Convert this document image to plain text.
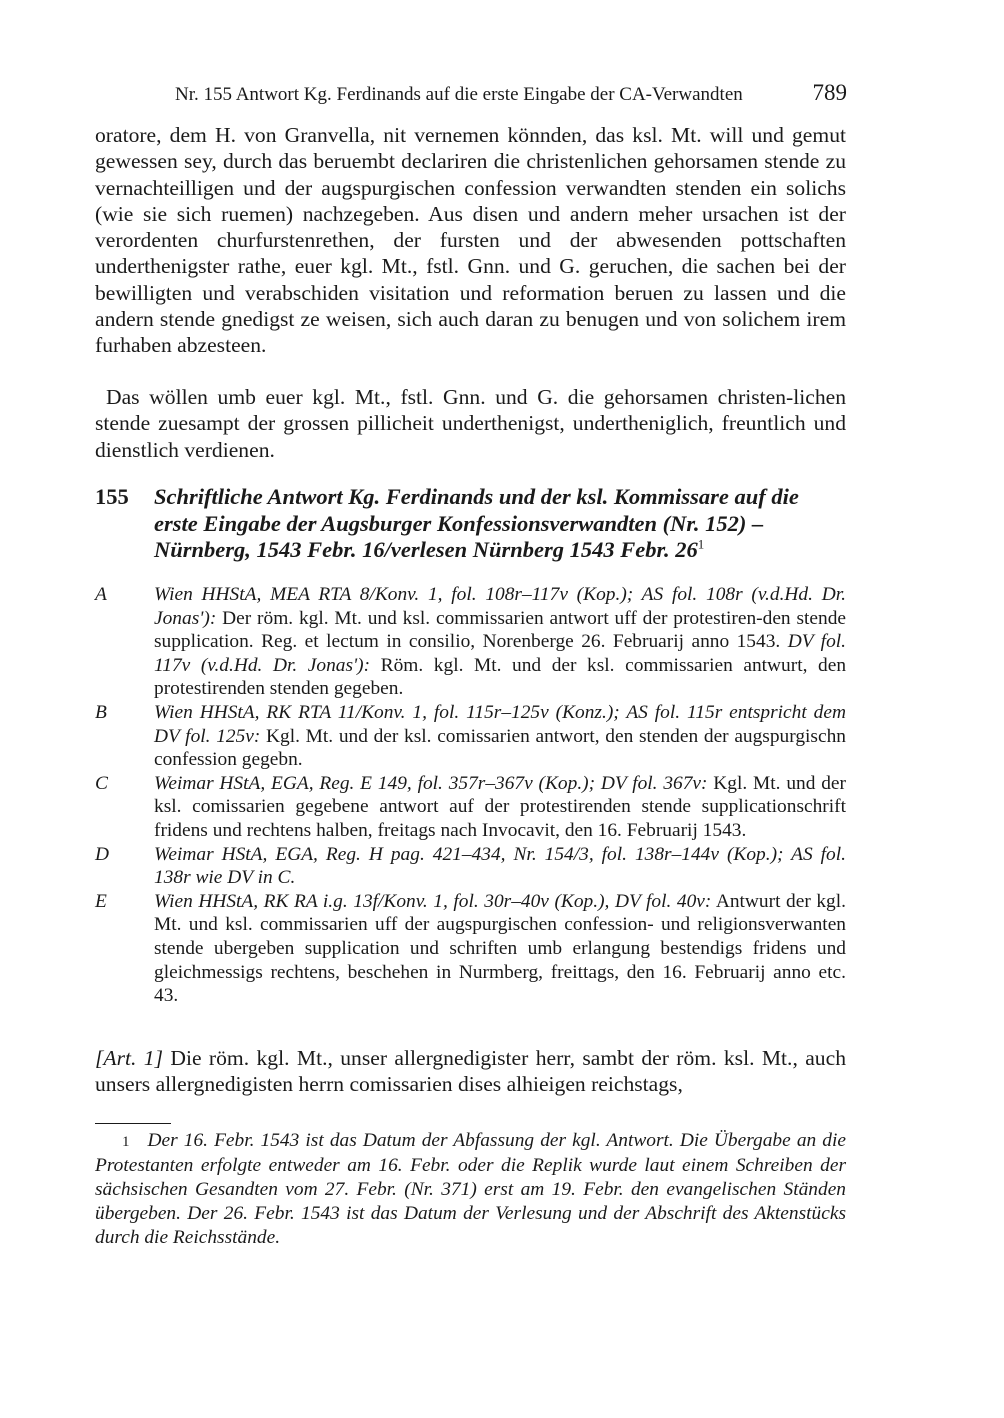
Nr. 155 Antwort Kg. Ferdinands auf die erste Eingabe der CA-Verwandten	789

oratore, dem H. von Granvella, nit vernemen könnden, das ksl. Mt. will und gemut gewessen sey, durch das beruembt declariren die christenlichen gehorsamen stende zu vernachteilligen und der augspurgischen confession verwandten stenden ein solichs (wie sie sich ruemen) nachzegeben. Aus disen und andern meher ursachen ist der verordenten churfurstenrethen, der fursten und der abwesenden pottschaften underthenigster rathe, euer kgl. Mt., fstl. Gnn. und G. geruchen, die sachen bei der bewilligten und verabschiden visitation und reformation beruen zu lassen und die andern stende gnedigst ze weisen, sich auch daran zu benugen und von solichem irem furhaben abzesteen.

Das wöllen umb euer kgl. Mt., fstl. Gnn. und G. die gehorsamen christen-lichen stende zuesampt der grossen pillicheit underthenigst, undertheniglich, freuntlich und dienstlich verdienen.

155 Schriftliche Antwort Kg. Ferdinands und der ksl. Kommissare auf die erste Eingabe der Augsburger Konfessionsverwandten (Nr. 152) – Nürnberg, 1543 Febr. 16/verlesen Nürnberg 1543 Febr. $26^1$
A Wien HHStA, MEA RTA 8/Konv. 1, fol. 108r–117v (Kop.); AS fol. 108r (v.d.Hd. Dr. Jonas'): Der röm. kgl. Mt. und ksl. commissarien antwort uff der protestiren-den stende supplication. Reg. et lectum in consilio, Norenberge 26. Februarij anno 1543. DV fol. 117v (v.d.Hd. Dr. Jonas'): Röm. kgl. Mt. und der ksl. commissarien antwurt, den protestirenden stenden gegeben.
B Wien HHStA, RK RTA 11/Konv. 1, fol. 115r–125v (Konz.); AS fol. 115r entspricht dem DV fol. 125v: Kgl. Mt. und der ksl. comissarien antwort, den stenden der augspurgischn confession gegebn.
C Weimar HStA, EGA, Reg. E 149, fol. 357r–367v (Kop.); DV fol. 367v: Kgl. Mt. und der ksl. comissarien gegebene antwort auf der protestirenden stende supplicationschrift fridens und rechtens halben, freitags nach Invocavit, den 16. Februarij 1543.
D Weimar HStA, EGA, Reg. H pag. 421–434, Nr. 154/3, fol. 138r–144v (Kop.); AS fol. 138r wie DV in C.
E Wien HHStA, RK RA i.g. 13f/Konv. 1, fol. 30r–40v (Kop.), DV fol. 40v: Antwurt der kgl. Mt. und ksl. commissarien uff der augspurgischen confession- und religionsverwanten stende ubergeben supplication und schriften umb erlangung bestendigs fridens und gleichmessigs rechtens, beschehen in Nurmberg, freittags, den 16. Februarij anno etc. 43.
[Art. 1] Die röm. kgl. Mt., unser allergnedigister herr, sambt der röm. ksl. Mt., auch unsers allergnedigisten herrn comissarien dises alhieigen reichstags,
1 Der 16. Febr. 1543 ist das Datum der Abfassung der kgl. Antwort. Die Übergabe an die Protestanten erfolgte entweder am 16. Febr. oder die Replik wurde laut einem Schreiben der sächsischen Gesandten vom 27. Febr. (Nr. 371) erst am 19. Febr. den evangelischen Ständen übergeben. Der 26. Febr. 1543 ist das Datum der Verlesung und der Abschrift des Aktenstücks durch die Reichsstände.
